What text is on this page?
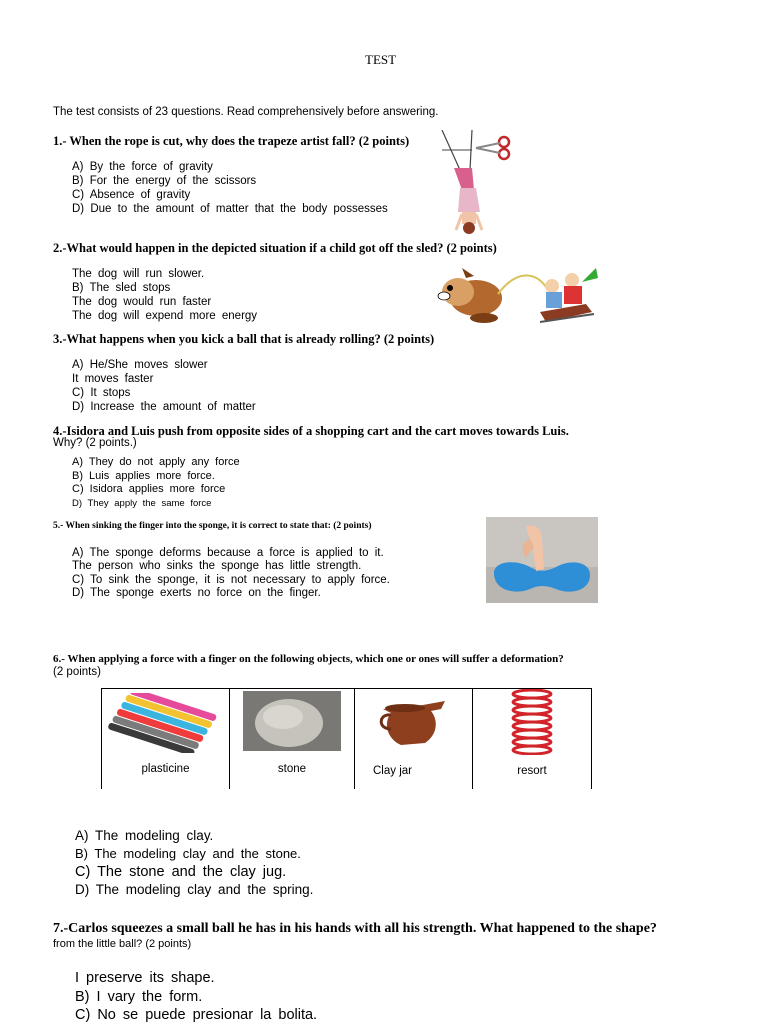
TEST
The test consists of 23 questions. Read comprehensively before answering.
1.- When the rope is cut, why does the trapeze artist fall? (2 points)
A) By the force of gravity
B) For the energy of the scissors
C) Absence of gravity
D) Due to the amount of matter that the body possesses
2.-What would happen in the depicted situation if a child got off the sled? (2 points)
The dog will run slower.
B) The sled stops
The dog would run faster
The dog will expend more energy
3.-What happens when you kick a ball that is already rolling? (2 points)
A) He/She moves slower
It moves faster
C) It stops
D) Increase the amount of matter
4.-Isidora and Luis push from opposite sides of a shopping cart and the cart moves towards Luis.
Why? (2 points.)
A) They do not apply any force
B) Luis applies more force.
C) Isidora applies more force
D) They apply the same force
5.- When sinking the finger into the sponge, it is correct to state that: (2 points)
A) The sponge deforms because a force is applied to it.
The person who sinks the sponge has little strength.
C) To sink the sponge, it is not necessary to apply force.
D) The sponge exerts no force on the finger.
6.- When applying a force with a finger on the following objects, which one or ones will suffer a deformation?
(2 points)
plasticine	stone	Clay jar	resort
A) The modeling clay.
B) The modeling clay and the stone.
C) The stone and the clay jug.
D) The modeling clay and the spring.
7.-Carlos squeezes a small ball he has in his hands with all his strength. What happened to the shape?
from the little ball? (2 points)
I preserve its shape.
B) I vary the form.
C) No se puede presionar la bolita.
